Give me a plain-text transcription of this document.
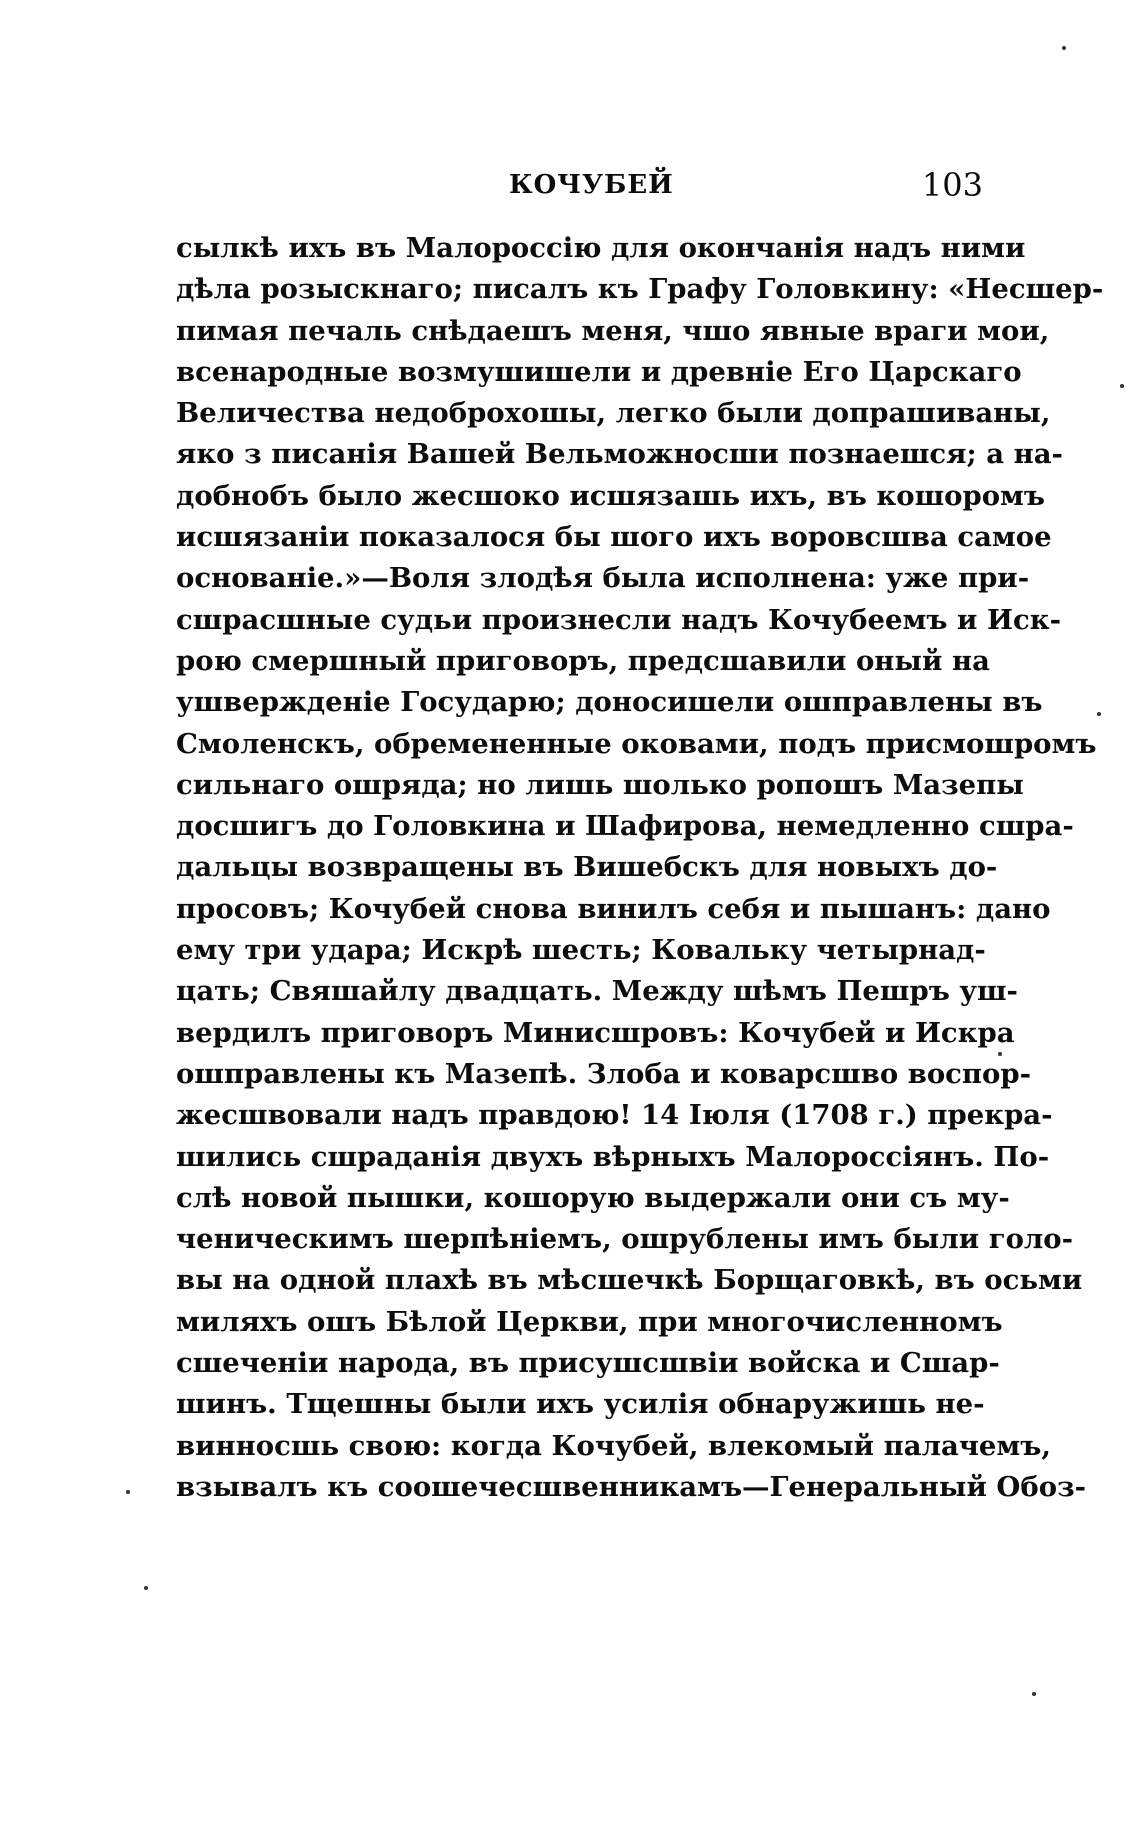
КОЧУБЕЙ	103
сылкѣ ихъ въ Малороссію для окончанія надъ ними
дѣла розыскнаго; писалъ къ Графу Головкину: «Несшер-
пимая печаль снѣдаешъ меня, чшо явные враги мои,
всенародные возмушишели и древніе Его Царскаго
Величества недоброхошы, легко были допрашиваны,
яко з писанія Вашей Вельможносши познаешся; а на-
добнобъ было жесшоко исшязашь ихъ, въ кошоромъ
исшязаніи показалося бы шого ихъ воровсшва самое
основаніе.»—Воля злодѣя была исполнена: уже при-
сшрасшные судьи произнесли надъ Кочубеемъ и Иск-
рою смершный приговоръ, предсшавили оный на
ушвержденіе Государю; доносишели ошправлены въ
Смоленскъ, обремененные оковами, подъ присмошромъ
сильнаго ошряда; но лишь шолько ропошъ Мазепы
досшигъ до Головкина и Шафирова, немедленно сшра-
дальцы возвращены въ Вишебскъ для новыхъ до-
просовъ; Кочубей снова винилъ себя и пышанъ: дано
ему три удара; Искрѣ шесть; Ковальку четырнад-
цать; Свяшайлу двадцать. Между шѣмъ Пешръ уш-
вердилъ приговоръ Минисшровъ: Кочубей и Искра
ошправлены къ Мазепѣ. Злоба и коварсшво воспор-
жесшвовали надъ правдою! 14 Іюля (1708 г.) прекра-
шились сшраданія двухъ вѣрныхъ Малороссіянъ. По-
слѣ новой пышки, кошорую выдержали они съ му-
ченическимъ шерпѣніемъ, ошрублены имъ были голо-
вы на одной плахѣ въ мѣсшечкѣ Борщаговкѣ, въ осьми
миляхъ ошъ Бѣлой Церкви, при многочисленномъ
сшеченіи народа, въ присушсшвіи войска и Сшар-
шинъ. Тщешны были ихъ усилія обнаружишь не-
винносшь свою: когда Кочубей, влекомый палачемъ,
взывалъ къ соошечесшвенникамъ—Генеральный Обоз-
